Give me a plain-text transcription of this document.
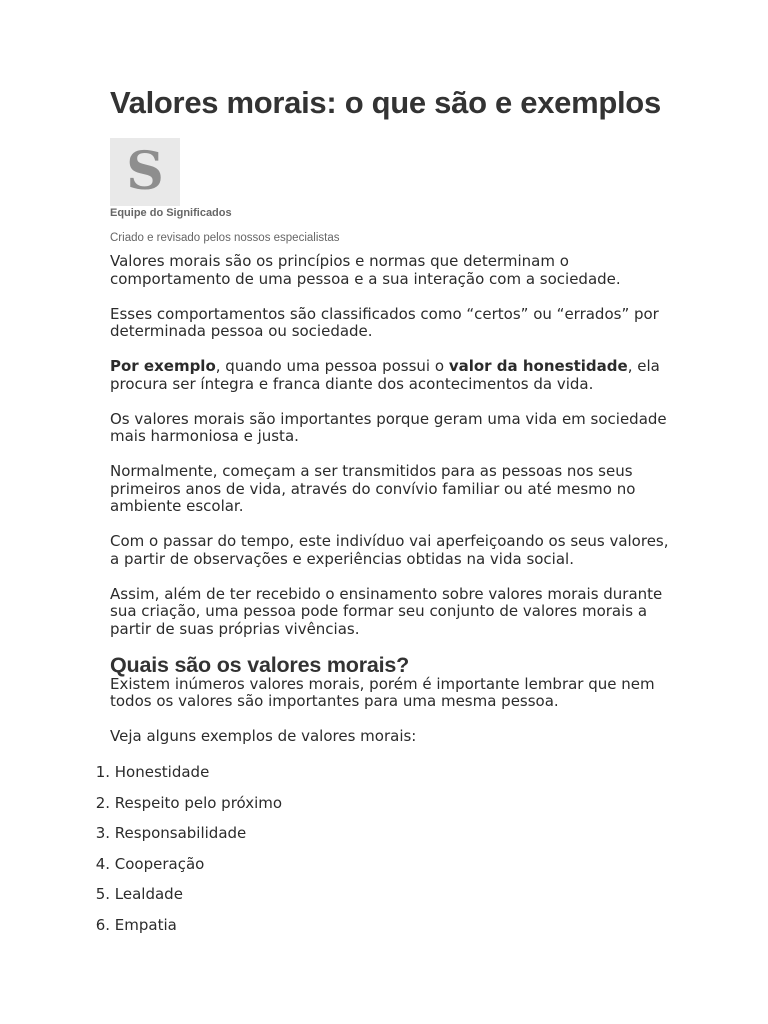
Valores morais: o que são e exemplos
S
Equipe do Significados
Criado e revisado pelos nossos especialistas

Valores morais são os princípios e normas que determinam o comportamento de uma pessoa e a sua interação com a sociedade.

Esses comportamentos são classificados como “certos” ou “errados” por determinada pessoa ou sociedade.

Por exemplo, quando uma pessoa possui o valor da honestidade, ela procura ser íntegra e franca diante dos acontecimentos da vida.

Os valores morais são importantes porque geram uma vida em sociedade mais harmoniosa e justa.

Normalmente, começam a ser transmitidos para as pessoas nos seus primeiros anos de vida, através do convívio familiar ou até mesmo no ambiente escolar.

Com o passar do tempo, este indivíduo vai aperfeiçoando os seus valores, a partir de observações e experiências obtidas na vida social.

Assim, além de ter recebido o ensinamento sobre valores morais durante sua criação, uma pessoa pode formar seu conjunto de valores morais a partir de suas próprias vivências.

Quais são os valores morais?

Existem inúmeros valores morais, porém é importante lembrar que nem todos os valores são importantes para uma mesma pessoa.

Veja alguns exemplos de valores morais:

1.
Honestidade
2.
Respeito pelo próximo
3.
Responsabilidade
4.
Cooperação
5.
Lealdade
6.
Empatia
